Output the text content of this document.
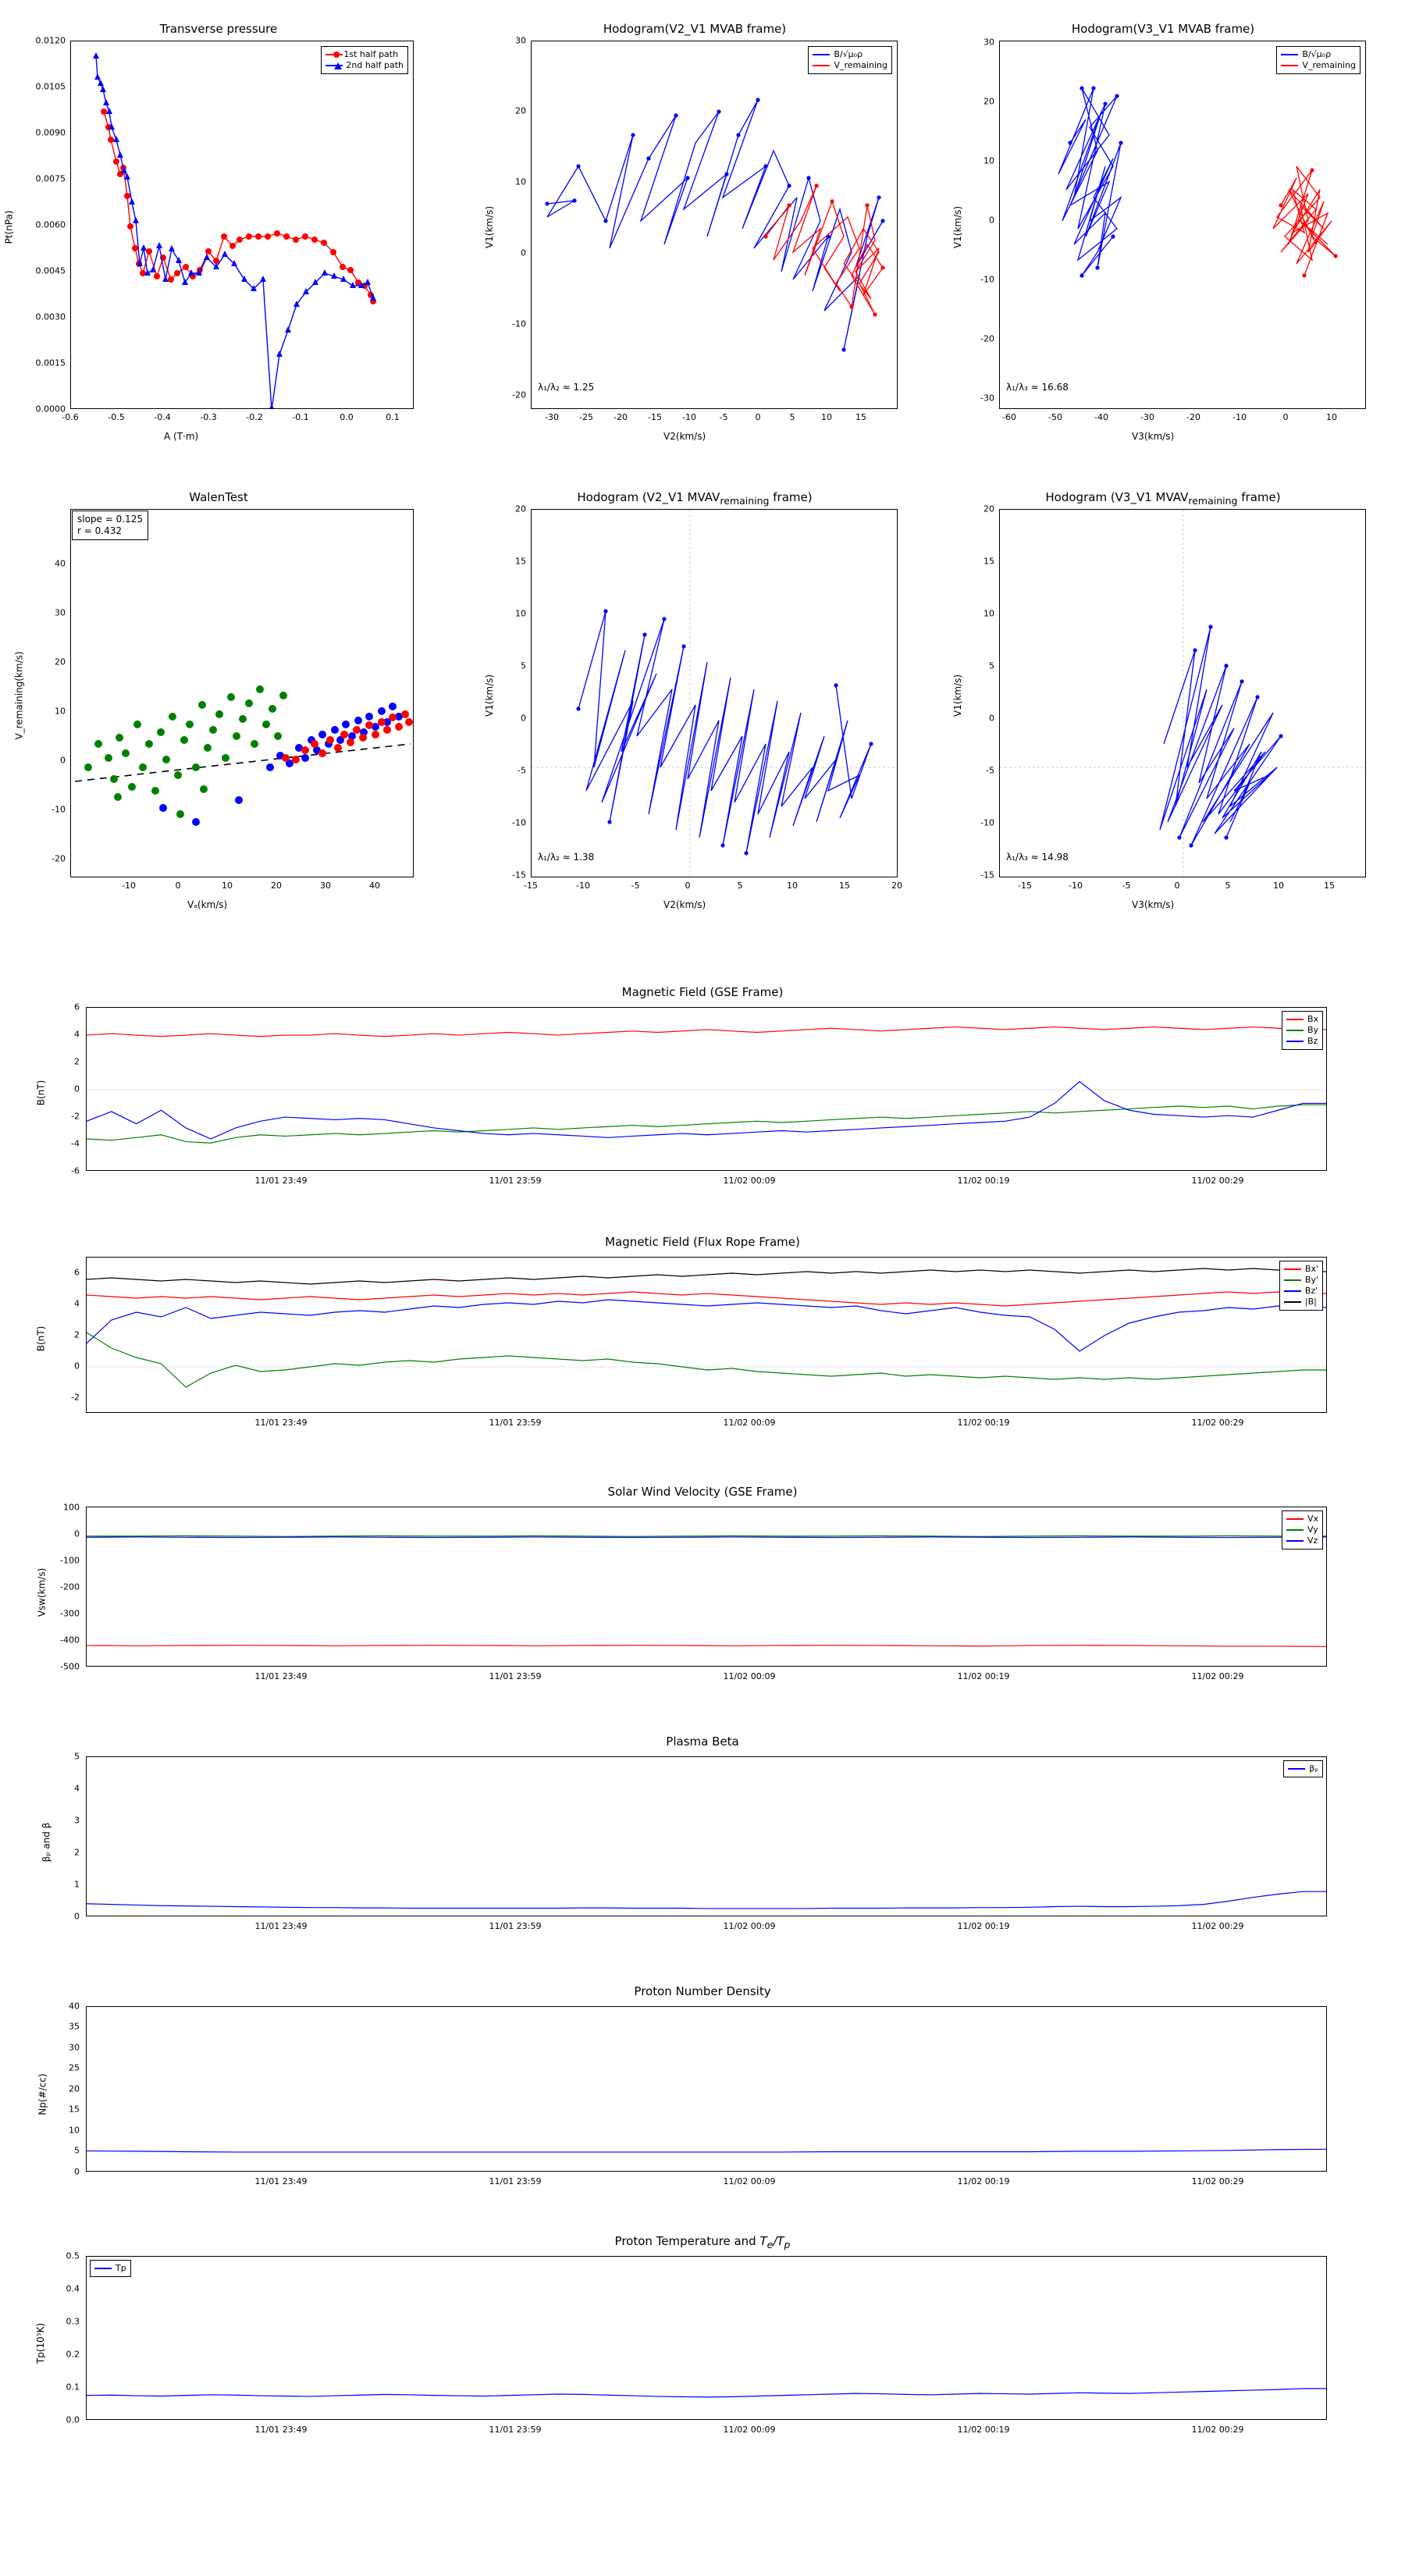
Transverse pressure
1st half path
2nd half path
Pt(nPa)
A (T·m)
-0.6	-0.5	-0.4	-0.3	-0.2	-0.1	0.0	0.1
0.0000
0.0015
0.0030
0.0045
0.0060
0.0075
0.0090
0.0105
0.0120
Hodogram(V2_V1 MVAB frame)
B/√μ₀ρ
V_remaining
λ₁/λ₂ ≈ 1.25
V1(km/s)
V2(km/s)
-30 -25 -20 -15 -10	-5	0	5	10	15
-20
-10
0
10
20
30
Hodogram(V3_V1 MVAB frame)
B/√μ₀ρ
V_remaining
λ₁/λ₃ ≈ 16.68
V1(km/s)
V3(km/s)
-60	-50	-40	-30	-20	-10	0	10
-30
-20
-10
0
10
20
30
WalenTest
slope = 0.125
r = 0.432
V_remaining(km/s)
Vₐ(km/s)
-10	0	10	20	30	40
-20
-10
0
10
20
30
40
Hodogram (V2_V1 $MVAV_{remaining}$ frame)
λ₁/λ₂ ≈ 1.38
V1(km/s)
V2(km/s)
-15	-10	-5	0	5	10	15	20
-15
-10
-5
0
5
10
15
20
Hodogram (V3_V1 $MVAV_{remaining}$ frame)
λ₁/λ₃ ≈ 14.98
V1(km/s)
V3(km/s)
-15	-10	-5	0	5	10	15
-15
-10
-5
0
5
10
15
20
Magnetic Field (GSE Frame)
Bx
By
Bz
B(nT)
-6
-4
-2
0
2
4
6
11/01 23:49	11/01 23:59	11/02 00:09	11/02 00:19	11/02 00:29
Magnetic Field (Flux Rope Frame)
Bx'
By'
Bz'
|B|
B(nT)
-2
0
2
4
6
11/01 23:49	11/01 23:59	11/02 00:09	11/02 00:19	11/02 00:29
Solar Wind Velocity (GSE Frame)
Vx
Vy
Vz
Vsw(km/s)
-500
-400
-300
-200
-100
0
100
11/01 23:49	11/01 23:59	11/02 00:09	11/02 00:19	11/02 00:29
Plasma Beta
βₚ
βₚ and β
0
1
2
3
4
5
11/01 23:49	11/01 23:59	11/02 00:09	11/02 00:19	11/02 00:29
Proton Number Density
Np(#/cc)
0
5
10
15
20
25
30
35
40
11/01 23:49	11/01 23:59	11/02 00:09	11/02 00:19	11/02 00:29
Proton Temperature and $T_e/T_p$
Tp
Tp(10⁵K)
0.0
0.1
0.2
0.3
0.4
0.5
11/01 23:49	11/01 23:59	11/02 00:09	11/02 00:19	11/02 00:29
